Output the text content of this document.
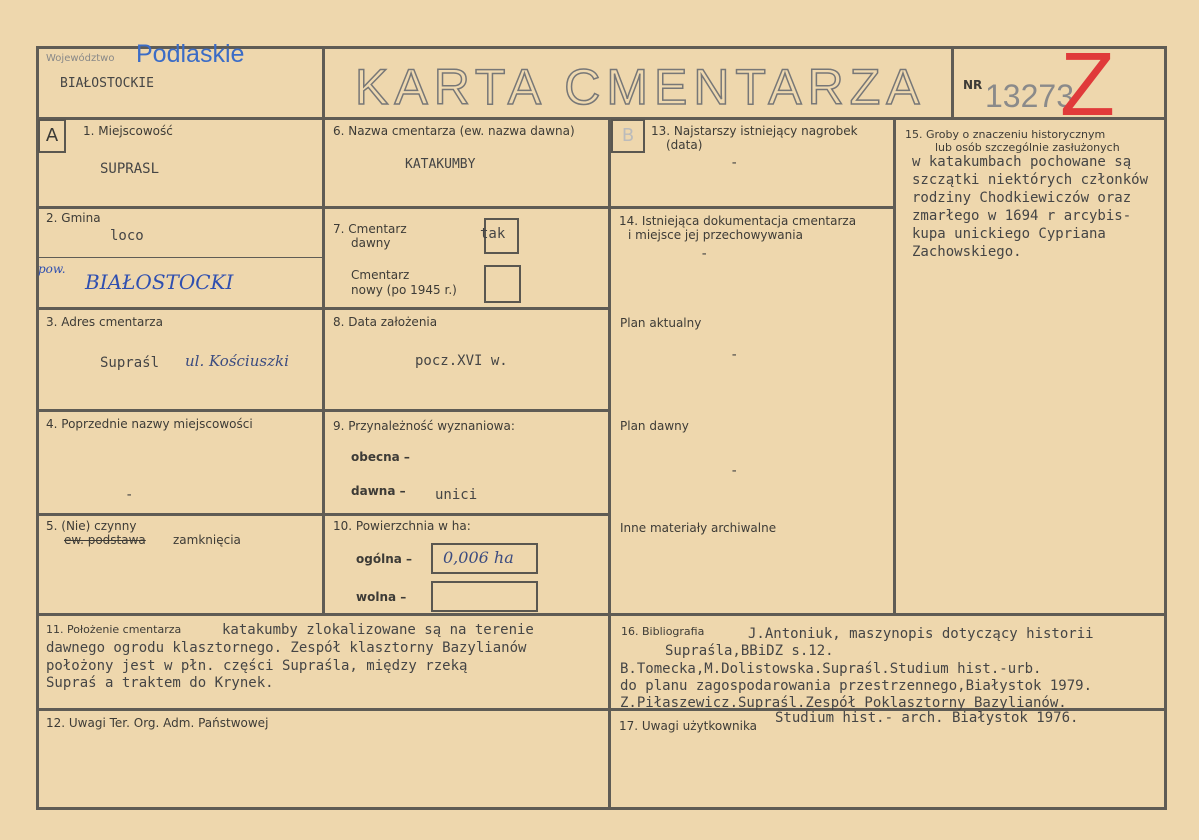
Województwo Podlaskie
BIAŁOSTOCKIE	KARTA CMENTARZA	NR 13273
Z
A	B
1. Miejscowość
SUPRASL
2. Gmina
loco
pow.
BIAŁOSTOCKI
3. Adres cmentarza
Supraśl ul. Kościuszki
4. Poprzednie nazwy miejscowości
-
5. (Nie) czynny
ew. podstawa zamknięcia
6. Nazwa cmentarza (ew. nazwa dawna)
KATAKUMBY
7. Cmentarz
dawny
tak
Cmentarz
nowy (po 1945 r.)
8. Data założenia
pocz.XVI w.
9. Przynależność wyznaniowa:
obecna –
dawna – unici
10. Powierzchnia w ha:
ogólna – 0,006 ha
wolna –
13. Najstarszy istniejący nagrobek
(data)
-
14. Istniejąca dokumentacja cmentarza
i miejsce jej przechowywania
-
Plan aktualny
-
Plan dawny
-
Inne materiały archiwalne
15. Groby o znaczeniu historycznym
lub osób szczególnie zasłużonych
w katakumbach pochowane są
szczątki niektórych członków
rodziny Chodkiewiczów oraz
zmarłego w 1694 r arcybis-
kupa unickiego Cypriana
Zachowskiego.
11. Położenie cmentarza	katakumby zlokalizowane są na terenie
dawnego ogrodu klasztornego. Zespół klasztorny Bazylianów
położony jest w płn. części Supraśla, między rzeką
Supraś a traktem do Krynek.
16. Bibliografia	J.Antoniuk, maszynopis dotyczący historii
Supraśla,BBiDZ s.12.
B.Tomecka,M.Dolistowska.Supraśl.Studium hist.-urb.
do planu zagospodarowania przestrzennego,Białystok 1979.
Z.Piłaszewicz.Supraśl.Zespół Poklasztorny Bazylianów.
Studium hist.- arch. Białystok 1976.
12. Uwagi Ter. Org. Adm. Państwowej	17. Uwagi użytkownika
